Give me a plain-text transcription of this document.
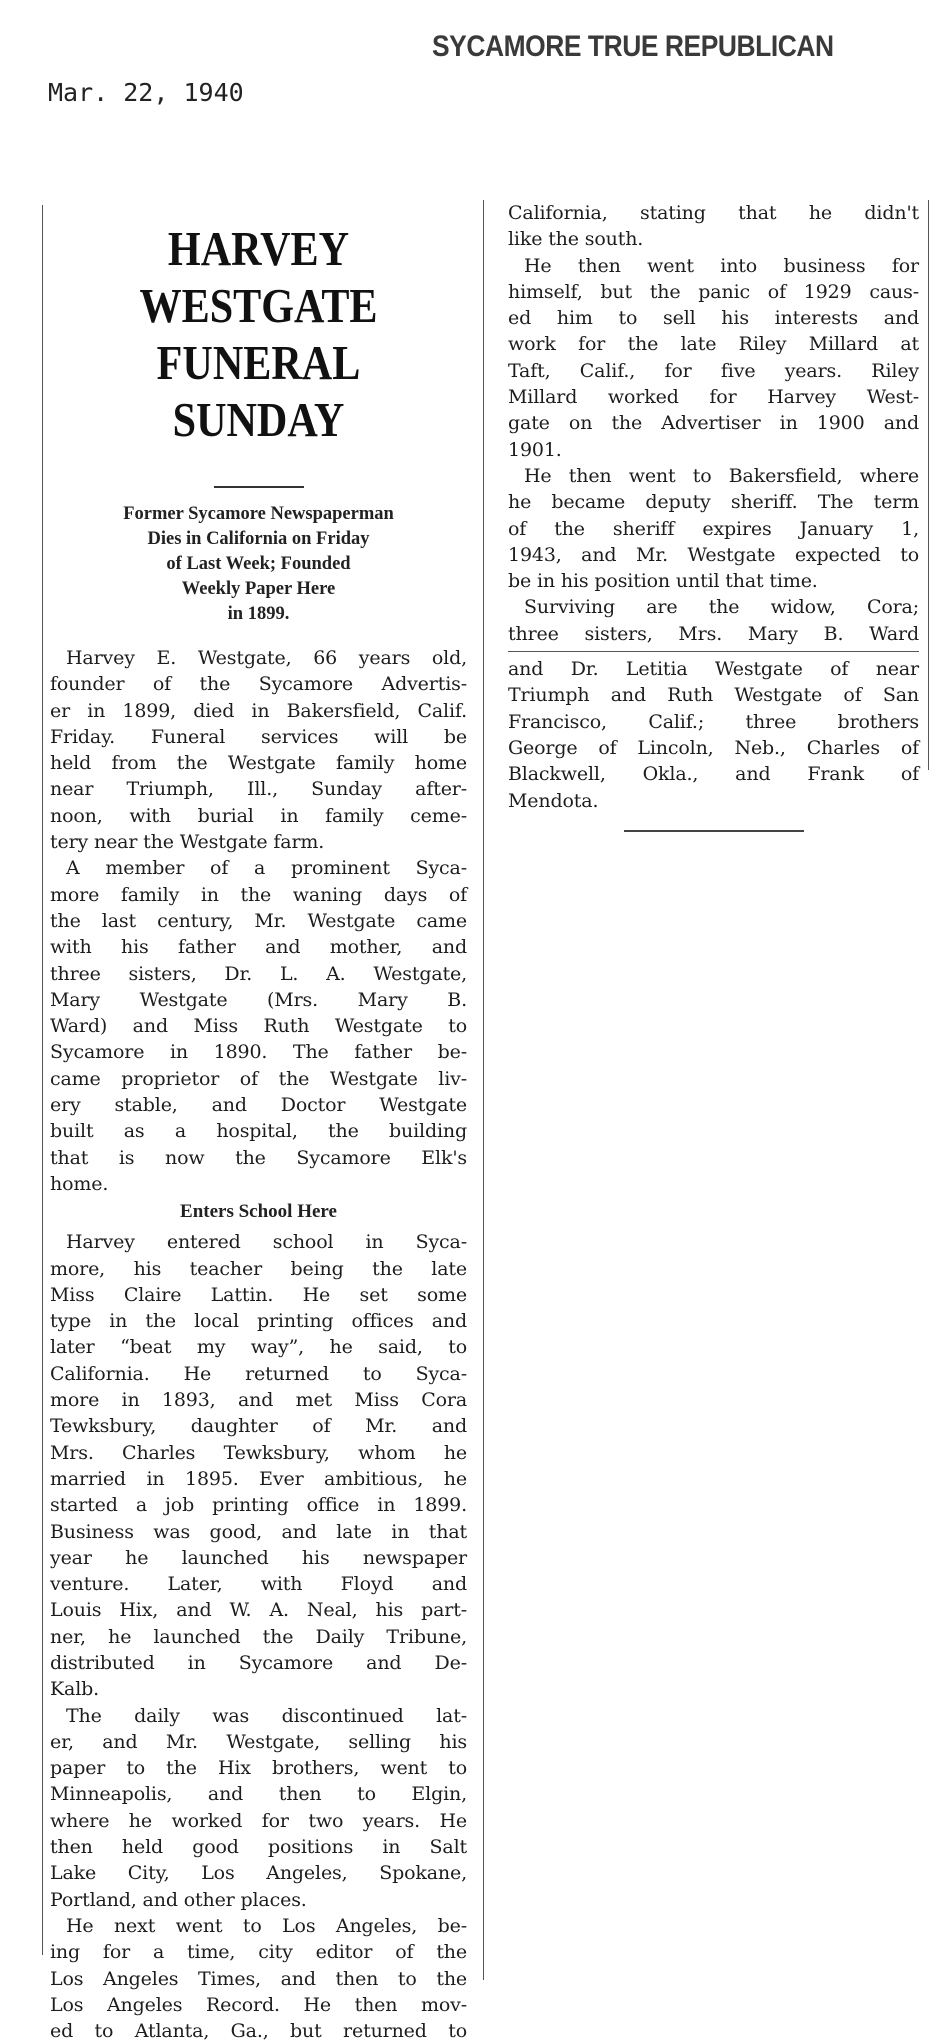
SYCAMORE TRUE REPUBLICAN
Mar. 22, 1940
HARVEY WESTGATE
FUNERAL SUNDAY
Former Sycamore Newspaperman
Dies in California on Friday
of Last Week; Founded
Weekly Paper Here
in 1899.
Harvey E. Westgate, 66 years old,
founder of the Sycamore Advertis-
er in 1899, died in Bakersfield, Calif.
Friday. Funeral services will be
held from the Westgate family home
near Triumph, Ill., Sunday after-
noon, with burial in family ceme-
tery near the Westgate farm.
A member of a prominent Syca-
more family in the waning days of
the last century, Mr. Westgate came
with his father and mother, and
three sisters, Dr. L. A. Westgate,
Mary Westgate (Mrs. Mary B.
Ward) and Miss Ruth Westgate to
Sycamore in 1890. The father be-
came proprietor of the Westgate liv-
ery stable, and Doctor Westgate
built as a hospital, the building
that is now the Sycamore Elk's
home.
Enters School Here
Harvey entered school in Syca-
more, his teacher being the late
Miss Claire Lattin. He set some
type in the local printing offices and
later “beat my way”, he said, to
California. He returned to Syca-
more in 1893, and met Miss Cora
Tewksbury, daughter of Mr. and
Mrs. Charles Tewksbury, whom he
married in 1895. Ever ambitious, he
started a job printing office in 1899.
Business was good, and late in that
year he launched his newspaper
venture. Later, with Floyd and
Louis Hix, and W. A. Neal, his part-
ner, he launched the Daily Tribune,
distributed in Sycamore and De-
Kalb.
The daily was discontinued lat-
er, and Mr. Westgate, selling his
paper to the Hix brothers, went to
Minneapolis, and then to Elgin,
where he worked for two years. He
then held good positions in Salt
Lake City, Los Angeles, Spokane,
Portland, and other places.
He next went to Los Angeles, be-
ing for a time, city editor of the
Los Angeles Times, and then to the
Los Angeles Record. He then mov-
ed to Atlanta, Ga., but returned to
California, stating that he didn't
like the south.
He then went into business for
himself, but the panic of 1929 caus-
ed him to sell his interests and
work for the late Riley Millard at
Taft, Calif., for five years. Riley
Millard worked for Harvey West-
gate on the Advertiser in 1900 and
1901.
He then went to Bakersfield, where
he became deputy sheriff. The term
of the sheriff expires January 1,
1943, and Mr. Westgate expected to
be in his position until that time.
Surviving are the widow, Cora;
three sisters, Mrs. Mary B. Ward
and Dr. Letitia Westgate of near
Triumph and Ruth Westgate of San
Francisco, Calif.; three brothers
George of Lincoln, Neb., Charles of
Blackwell, Okla., and Frank of
Mendota.
